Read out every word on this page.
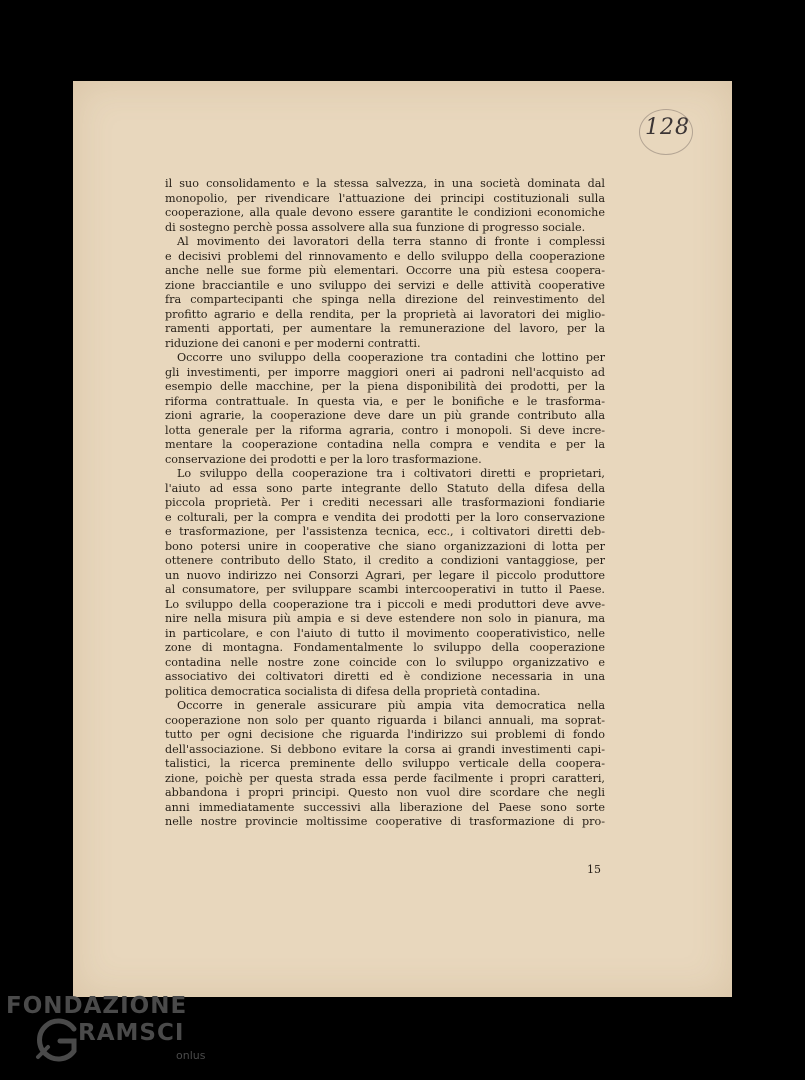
128
il suo consolidamento e la stessa salvezza, in una società dominata dal
monopolio, per rivendicare l'attuazione dei principi costituzionali sulla
cooperazione, alla quale devono essere garantite le condizioni economiche
di sostegno perchè possa assolvere alla sua funzione di progresso sociale.
Al movimento dei lavoratori della terra stanno di fronte i complessi
e decisivi problemi del rinnovamento e dello sviluppo della cooperazione
anche nelle sue forme più elementari. Occorre una più estesa coopera-
zione bracciantile e uno sviluppo dei servizi e delle attività cooperative
fra compartecipanti che spinga nella direzione del reinvestimento del
profitto agrario e della rendita, per la proprietà ai lavoratori dei miglio-
ramenti apportati, per aumentare la remunerazione del lavoro, per la
riduzione dei canoni e per moderni contratti.
Occorre uno sviluppo della cooperazione tra contadini che lottino per
gli investimenti, per imporre maggiori oneri ai padroni nell'acquisto ad
esempio delle macchine, per la piena disponibilità dei prodotti, per la
riforma contrattuale. In questa via, e per le bonifiche e le trasforma-
zioni agrarie, la cooperazione deve dare un più grande contributo alla
lotta generale per la riforma agraria, contro i monopoli. Si deve incre-
mentare la cooperazione contadina nella compra e vendita e per la
conservazione dei prodotti e per la loro trasformazione.
Lo sviluppo della cooperazione tra i coltivatori diretti e proprietari,
l'aiuto ad essa sono parte integrante dello Statuto della difesa della
piccola proprietà. Per i crediti necessari alle trasformazioni fondiarie
e colturali, per la compra e vendita dei prodotti per la loro conservazione
e trasformazione, per l'assistenza tecnica, ecc., i coltivatori diretti deb-
bono potersi unire in cooperative che siano organizzazioni di lotta per
ottenere contributo dello Stato, il credito a condizioni vantaggiose, per
un nuovo indirizzo nei Consorzi Agrari, per legare il piccolo produttore
al consumatore, per sviluppare scambi intercooperativi in tutto il Paese.
Lo sviluppo della cooperazione tra i piccoli e medi produttori deve avve-
nire nella misura più ampia e si deve estendere non solo in pianura, ma
in particolare, e con l'aiuto di tutto il movimento cooperativistico, nelle
zone di montagna. Fondamentalmente lo sviluppo della cooperazione
contadina nelle nostre zone coincide con lo sviluppo organizzativo e
associativo dei coltivatori diretti ed è condizione necessaria in una
politica democratica socialista di difesa della proprietà contadina.
Occorre in generale assicurare più ampia vita democratica nella
cooperazione non solo per quanto riguarda i bilanci annuali, ma soprat-
tutto per ogni decisione che riguarda l'indirizzo sui problemi di fondo
dell'associazione. Si debbono evitare la corsa ai grandi investimenti capi-
talistici, la ricerca preminente dello sviluppo verticale della coopera-
zione, poichè per questa strada essa perde facilmente i propri caratteri,
abbandona i propri principi. Questo non vuol dire scordare che negli
anni immediatamente successivi alla liberazione del Paese sono sorte
nelle nostre provincie moltissime cooperative di trasformazione di pro-
15
FONDAZIONE
RAMSCI
onlus
